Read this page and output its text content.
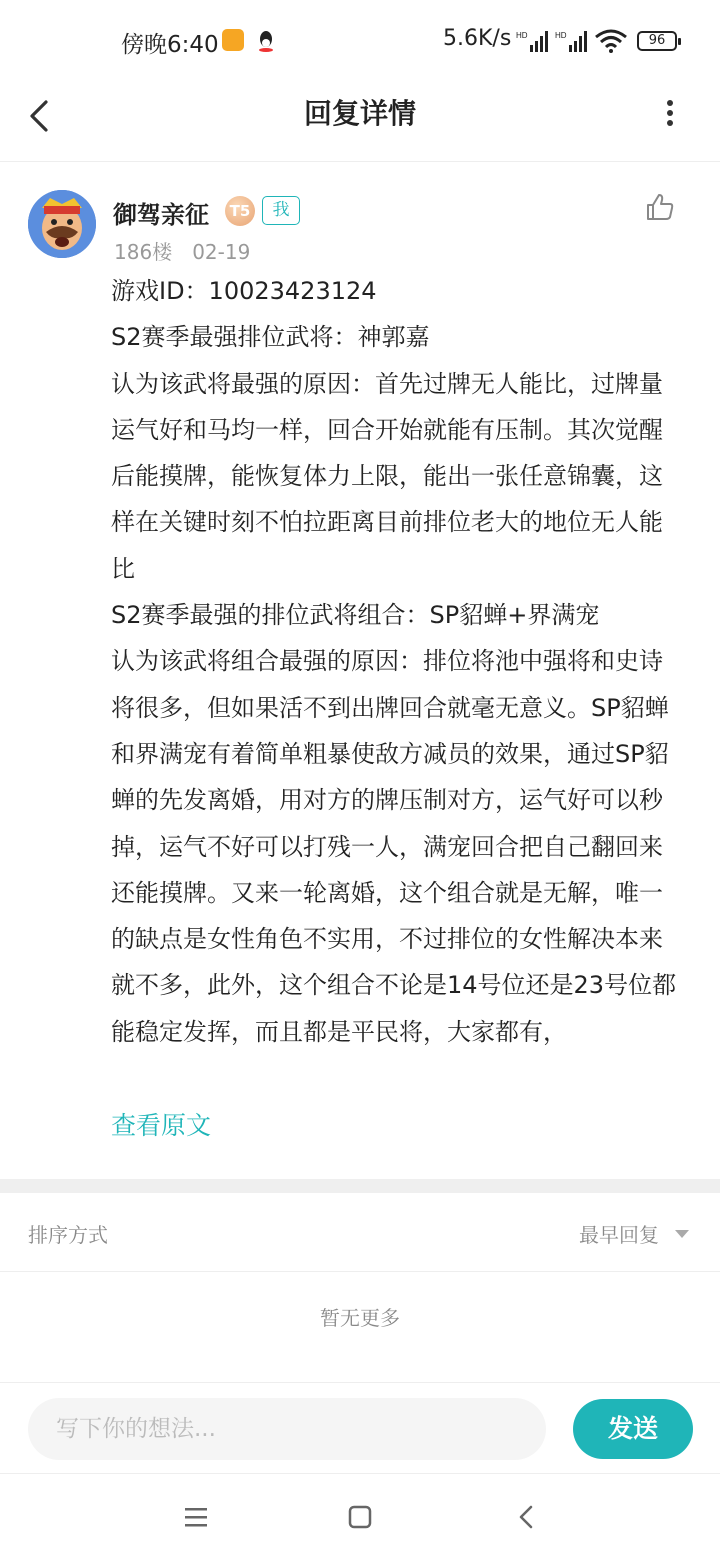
傍晚6:40	5.6K/s HD	HD	96
回复详情
御驾亲征	T5	我
186楼 02-19

游戏ID：10023423124

S2赛季最强排位武将：神郭嘉

认为该武将最强的原因：首先过牌无人能比，过牌量运气好和马均一样，回合开始就能有压制。其次觉醒后能摸牌，能恢复体力上限，能出一张任意锦囊，这样在关键时刻不怕拉距离目前排位老大的地位无人能比

S2赛季最强的排位武将组合：SP貂蝉+界满宠

认为该武将组合最强的原因：排位将池中强将和史诗将很多，但如果活不到出牌回合就毫无意义。SP貂蝉和界满宠有着简单粗暴使敌方减员的效果，通过SP貂蝉的先发离婚，用对方的牌压制对方，运气好可以秒掉，运气不好可以打残一人，满宠回合把自己翻回来还能摸牌。又来一轮离婚，这个组合就是无解，唯一的缺点是女性角色不实用，不过排位的女性解决本来就不多，此外，这个组合不论是14号位还是23号位都能稳定发挥，而且都是平民将，大家都有，

查看原文
排序方式	最早回复
暂无更多
写下你的想法...	发送
